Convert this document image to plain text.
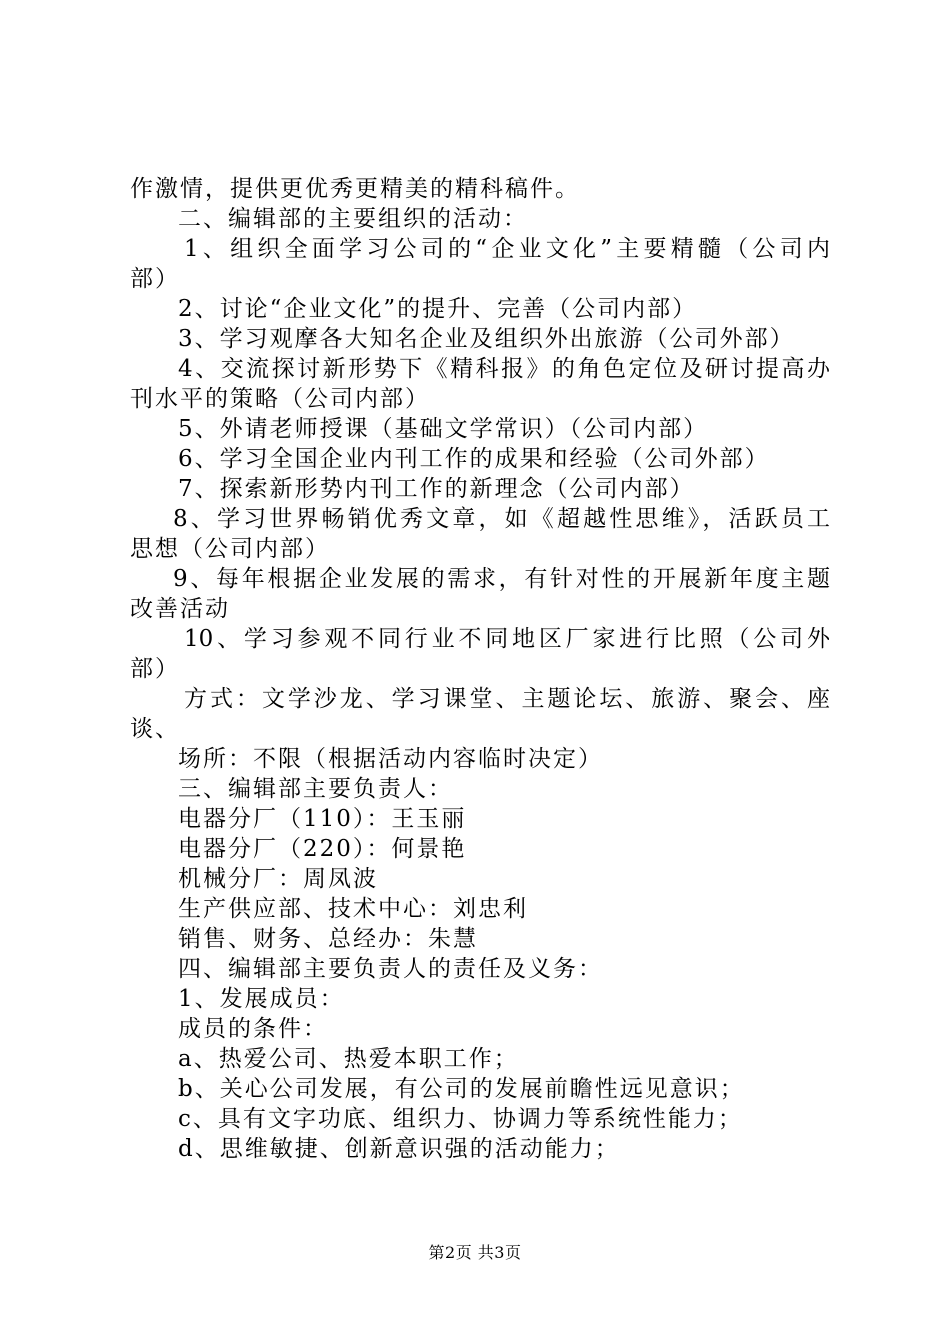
作激情，提供更优秀更精美的精科稿件。
二、编辑部的主要组织的活动：
1、组织全面学习公司的“企业文化”主要精髓（公司内
部）
2、讨论“企业文化”的提升、完善（公司内部）
3、学习观摩各大知名企业及组织外出旅游（公司外部）
4、交流探讨新形势下《精科报》的角色定位及研讨提高办
刊水平的策略（公司内部）
5、外请老师授课（基础文学常识）（公司内部）
6、学习全国企业内刊工作的成果和经验（公司外部）
7、探索新形势内刊工作的新理念（公司内部）
8、学习世界畅销优秀文章，如《超越性思维》，活跃员工
思想（公司内部）
9、每年根据企业发展的需求，有针对性的开展新年度主题
改善活动
10、学习参观不同行业不同地区厂家进行比照（公司外
部）
方式：文学沙龙、学习课堂、主题论坛、旅游、聚会、座
谈、
场所：不限（根据活动内容临时决定）
三、编辑部主要负责人：
电器分厂（110）：王玉丽
电器分厂（220）：何景艳
机械分厂：周凤波
生产供应部、技术中心：刘忠利
销售、财务、总经办：朱慧
四、编辑部主要负责人的责任及义务：
1、发展成员：
成员的条件：
a、热爱公司、热爱本职工作；
b、关心公司发展，有公司的发展前瞻性远见意识；
c、具有文字功底、组织力、协调力等系统性能力；
d、思维敏捷、创新意识强的活动能力；
第2页 共3页
